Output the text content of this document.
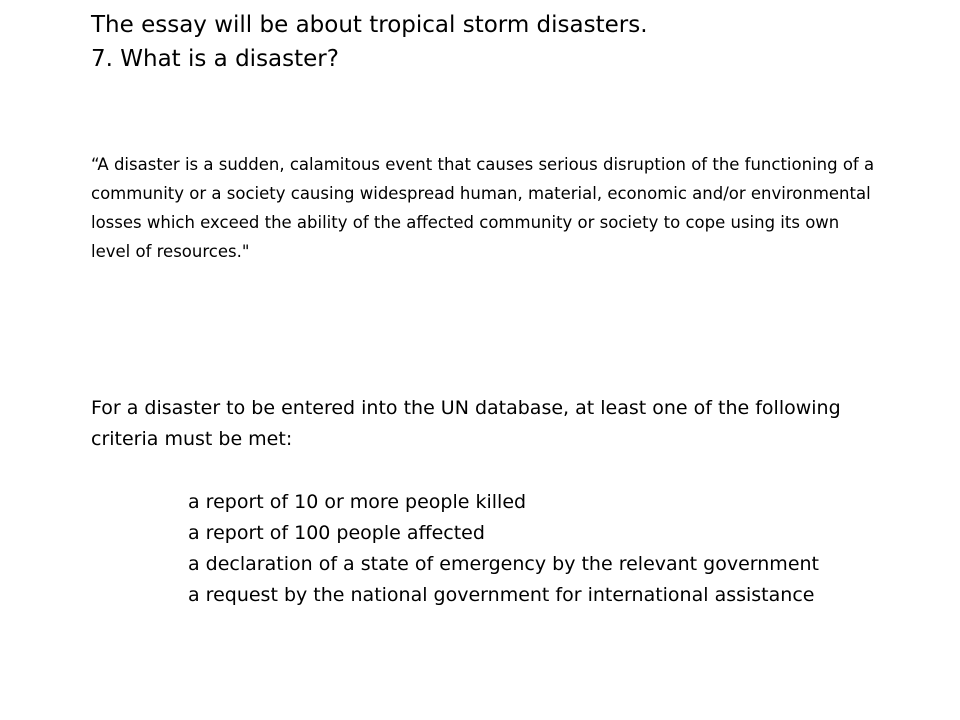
The essay will be about tropical storm disasters.
7. What is a disaster?
“A disaster is a sudden, calamitous event that causes serious disruption of the functioning of a community or a society causing widespread human, material, economic and/or environmental losses which exceed the ability of the affected community or society to cope using its own level of resources."
For a disaster to be entered into the UN database, at least one of the following criteria must be met:
a report of 10 or more people killed
a report of 100 people affected
a declaration of a state of emergency by the relevant government
a request by the national government for international assistance
